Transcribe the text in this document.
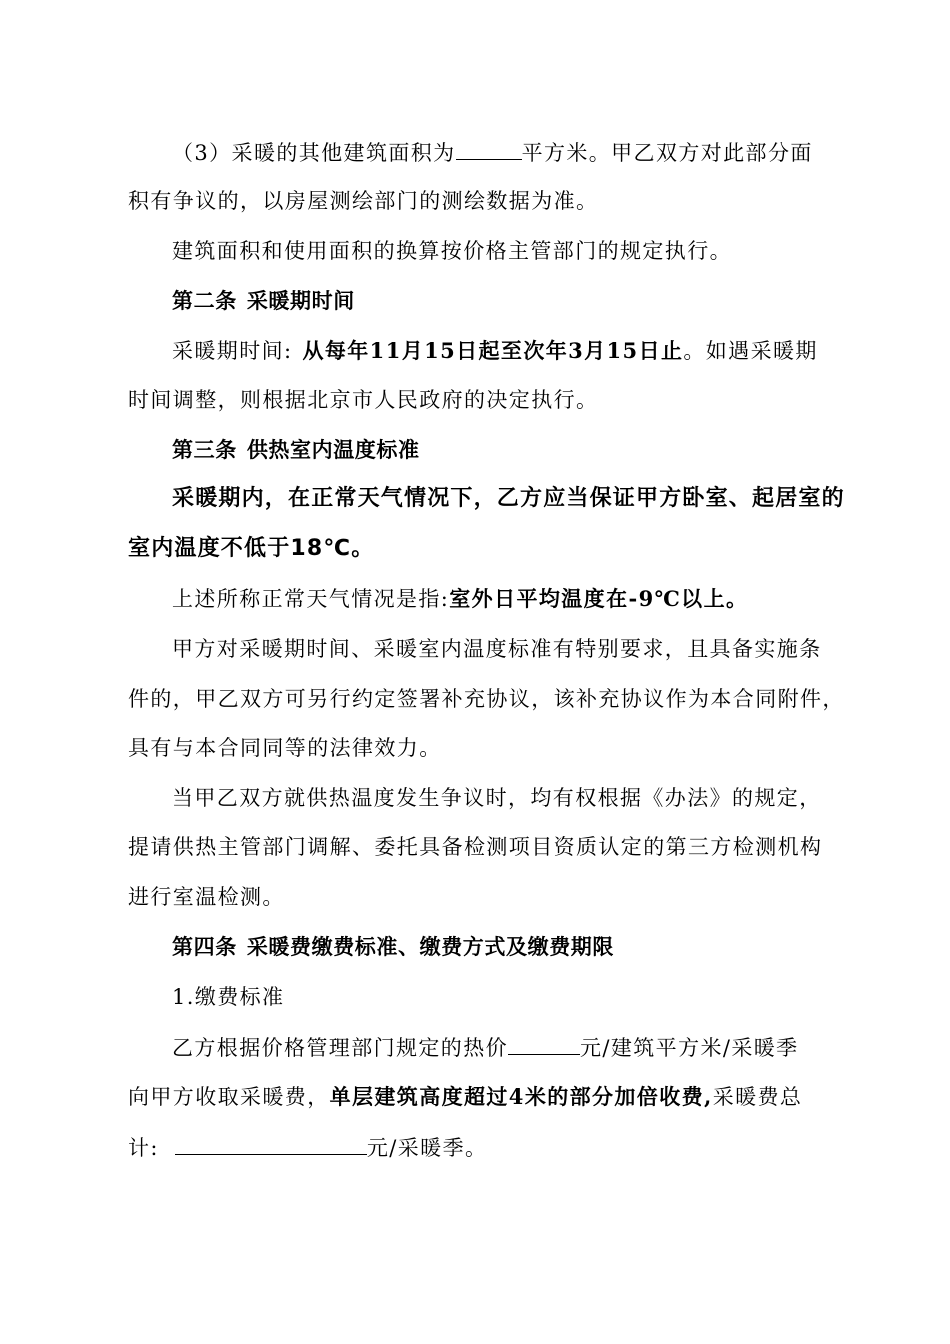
（3）采暖的其他建筑面积为	平方米。甲乙双方对此部分面
积有争议的，以房屋测绘部门的测绘数据为准。
建筑面积和使用面积的换算按价格主管部门的规定执行。
第二条 采暖期时间
采暖期时间: 从每年11月15日起至次年3月15日止。如遇采暖期
时间调整，则根据北京市人民政府的决定执行。
第三条 供热室内温度标准
采暖期内，在正常天气情况下，乙方应当保证甲方卧室、起居室的
室内温度不低于18℃。
上述所称正常天气情况是指:室外日平均温度在-9℃以上。
甲方对采暖期时间、采暖室内温度标准有特别要求，且具备实施条
件的，甲乙双方可另行约定签署补充协议，该补充协议作为本合同附件，
具有与本合同同等的法律效力。
当甲乙双方就供热温度发生争议时，均有权根据《办法》的规定，
提请供热主管部门调解、委托具备检测项目资质认定的第三方检测机构
进行室温检测。
第四条 采暖费缴费标准、缴费方式及缴费期限
1.缴费标准
乙方根据价格管理部门规定的热价	元/建筑平方米/采暖季
向甲方收取采暖费，单层建筑高度超过4米的部分加倍收费,采暖费总
计:	元/采暖季。
